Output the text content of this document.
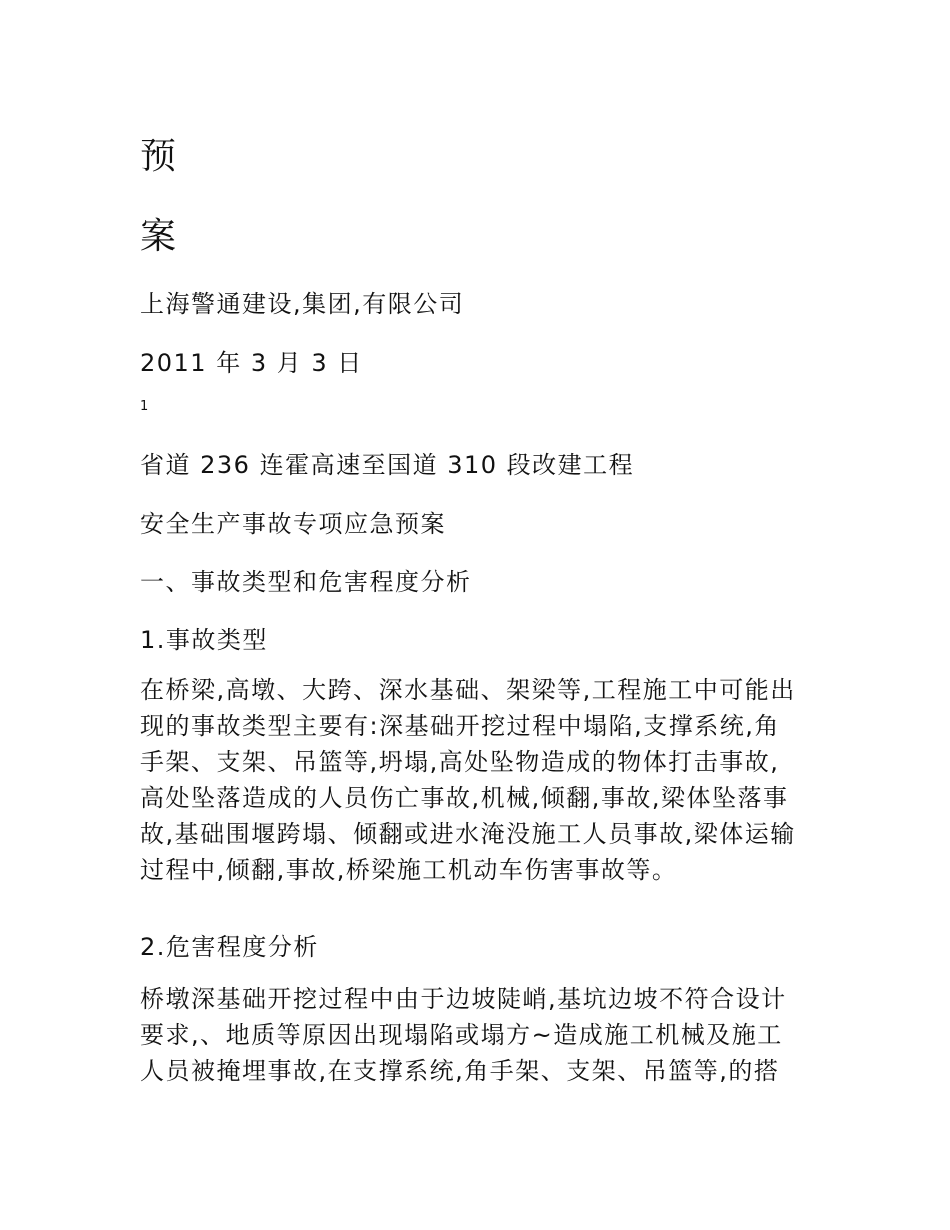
预
案
上海警通建设,集团,有限公司
2011 年 3 月 3 日
1
省道 236 连霍高速至国道 310 段改建工程
安全生产事故专项应急预案
一、事故类型和危害程度分析
1.事故类型
在桥梁,高墩、大跨、深水基础、架梁等,工程施工中可能出
现的事故类型主要有:深基础开挖过程中塌陷,支撑系统,角
手架、支架、吊篮等,坍塌,高处坠物造成的物体打击事故,
高处坠落造成的人员伤亡事故,机械,倾翻,事故,梁体坠落事
故,基础围堰跨塌、倾翻或进水淹没施工人员事故,梁体运输
过程中,倾翻,事故,桥梁施工机动车伤害事故等。
2.危害程度分析
桥墩深基础开挖过程中由于边坡陡峭,基坑边坡不符合设计
要求,、地质等原因出现塌陷或塌方~造成施工机械及施工
人员被掩埋事故,在支撑系统,角手架、支架、吊篮等,的搭
